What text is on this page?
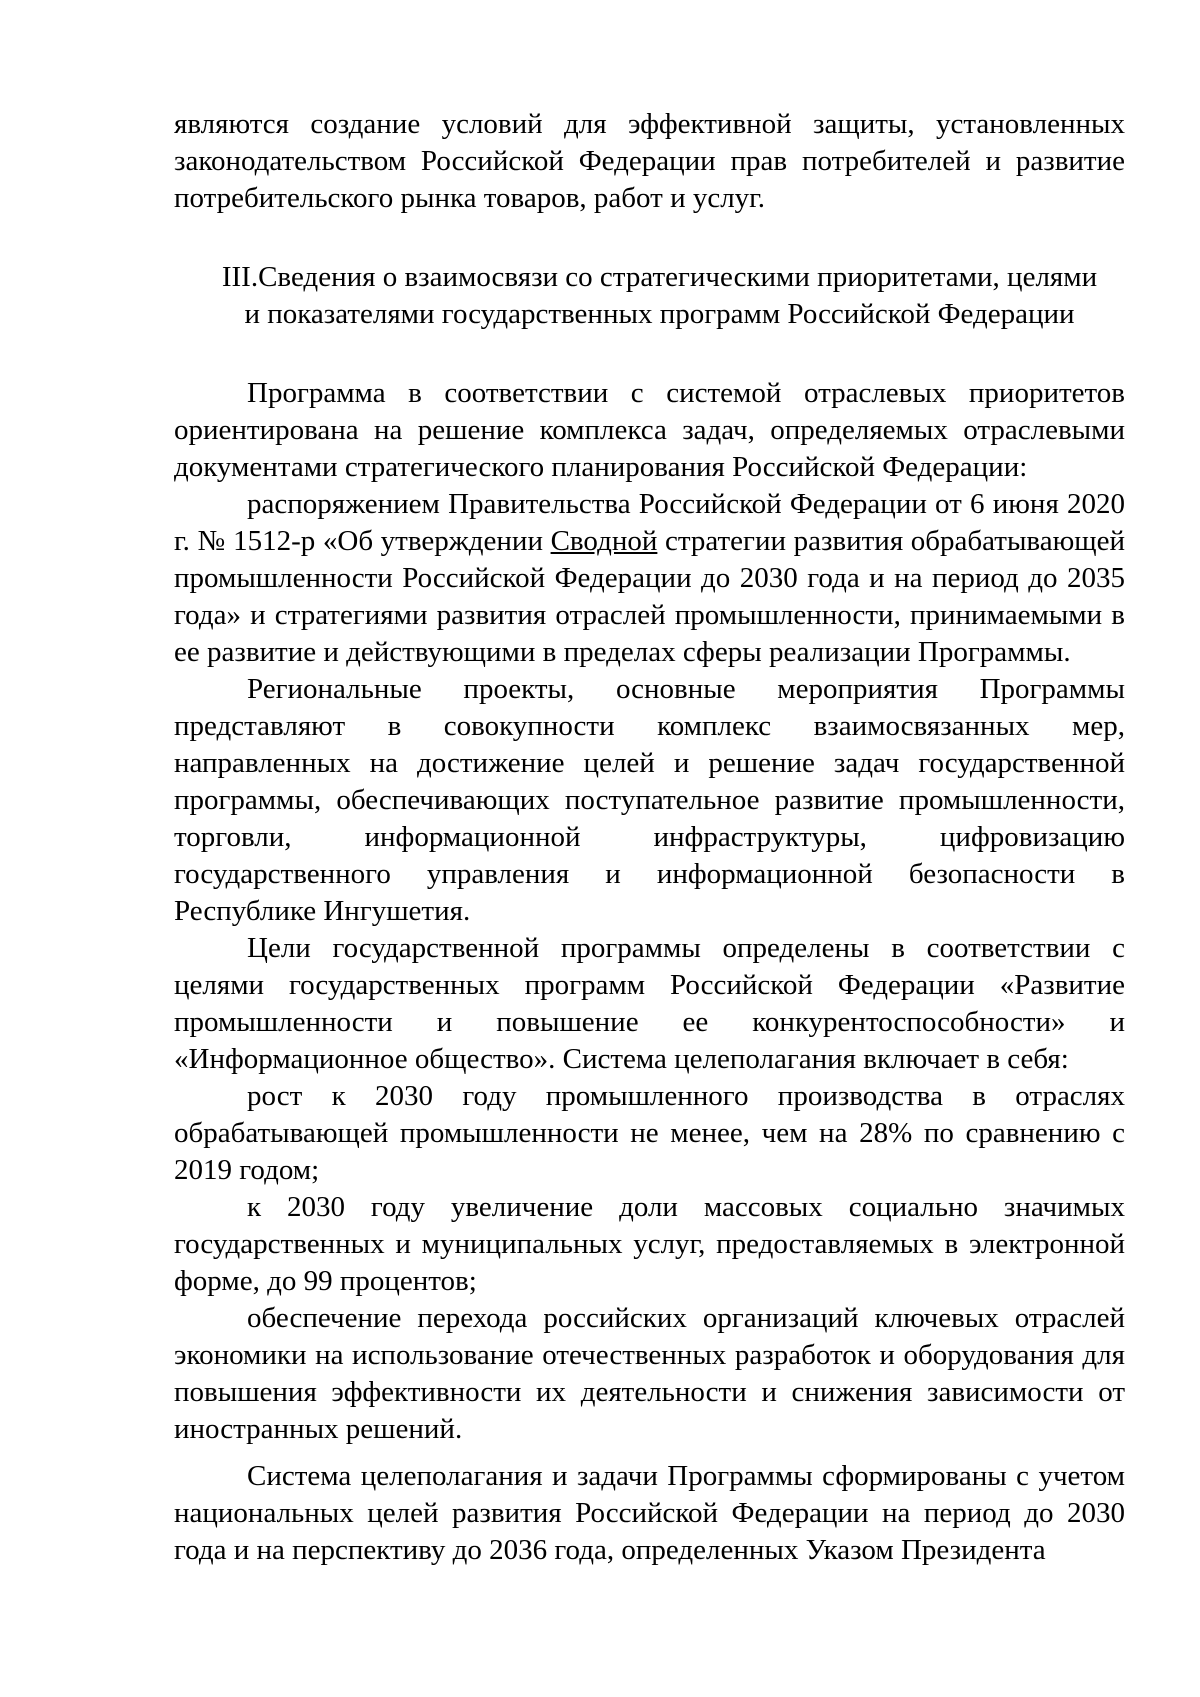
являются создание условий для эффективной защиты, установленных законодательством Российской Федерации прав потребителей и развитие потребительского рынка товаров, работ и услуг.

III.Сведения о взаимосвязи со стратегическими приоритетами, целями
и показателями государственных программ Российской Федерации

Программа в соответствии с системой отраслевых приоритетов ориентирована на решение комплекса задач, определяемых отраслевыми документами стратегического планирования Российской Федерации:

распоряжением Правительства Российской Федерации от 6 июня 2020 г. № 1512-р «Об утверждении Сводной стратегии развития обрабатывающей промышленности Российской Федерации до 2030 года и на период до 2035 года» и стратегиями развития отраслей промышленности, принимаемыми в ее развитие и действующими в пределах сферы реализации Программы.

Региональные проекты, основные мероприятия Программы представляют в совокупности комплекс взаимосвязанных мер, направленных на достижение целей и решение задач государственной программы, обеспечивающих поступательное развитие промышленности, торговли, информационной инфраструктуры, цифровизацию государственного управления и информационной безопасности в Республике Ингушетия.

Цели государственной программы определены в соответствии с целями государственных программ Российской Федерации «Развитие промышленности и повышение ее конкурентоспособности» и «Информационное общество». Система целеполагания включает в себя:

рост к 2030 году промышленного производства в отраслях обрабатывающей промышленности не менее, чем на 28% по сравнению с 2019 годом;

к 2030 году увеличение доли массовых социально значимых государственных и муниципальных услуг, предоставляемых в электронной форме, до 99 процентов;

обеспечение перехода российских организаций ключевых отраслей экономики на использование отечественных разработок и оборудования для повышения эффективности их деятельности и снижения зависимости от иностранных решений.

Система целеполагания и задачи Программы сформированы с учетом национальных целей развития Российской Федерации на период до 2030 года и на перспективу до 2036 года, определенных Указом Президента
